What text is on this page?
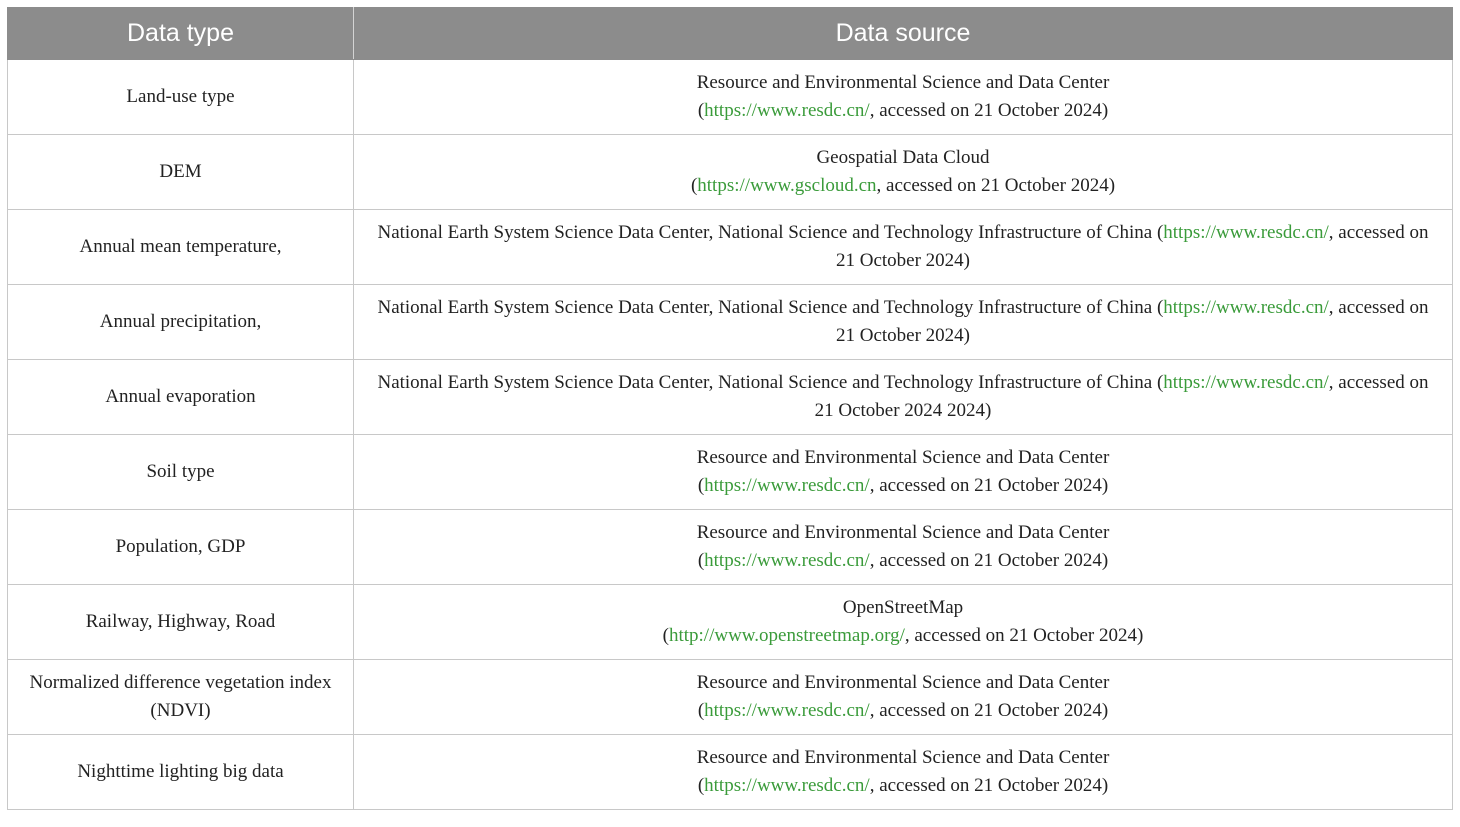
Data type	Data source
Land-use type	Resource and Environmental Science and Data Center
(https://www.resdc.cn/, accessed on 21 October 2024)
DEM	Geospatial Data Cloud
(https://www.gscloud.cn, accessed on 21 October 2024)
Annual mean temperature,	National Earth System Science Data Center, National Science and Technology Infrastructure of China (https://www.resdc.cn/, accessed on 21 October 2024)
Annual precipitation,	National Earth System Science Data Center, National Science and Technology Infrastructure of China (https://www.resdc.cn/, accessed on 21 October 2024)
Annual evaporation	National Earth System Science Data Center, National Science and Technology Infrastructure of China (https://www.resdc.cn/, accessed on 21 October 2024 2024)
Soil type	Resource and Environmental Science and Data Center
(https://www.resdc.cn/, accessed on 21 October 2024)
Population, GDP	Resource and Environmental Science and Data Center
(https://www.resdc.cn/, accessed on 21 October 2024)
Railway, Highway, Road	OpenStreetMap
(http://www.openstreetmap.org/, accessed on 21 October 2024)
Normalized difference vegetation index (NDVI)	Resource and Environmental Science and Data Center
(https://www.resdc.cn/, accessed on 21 October 2024)
Nighttime lighting big data	Resource and Environmental Science and Data Center
(https://www.resdc.cn/, accessed on 21 October 2024)
